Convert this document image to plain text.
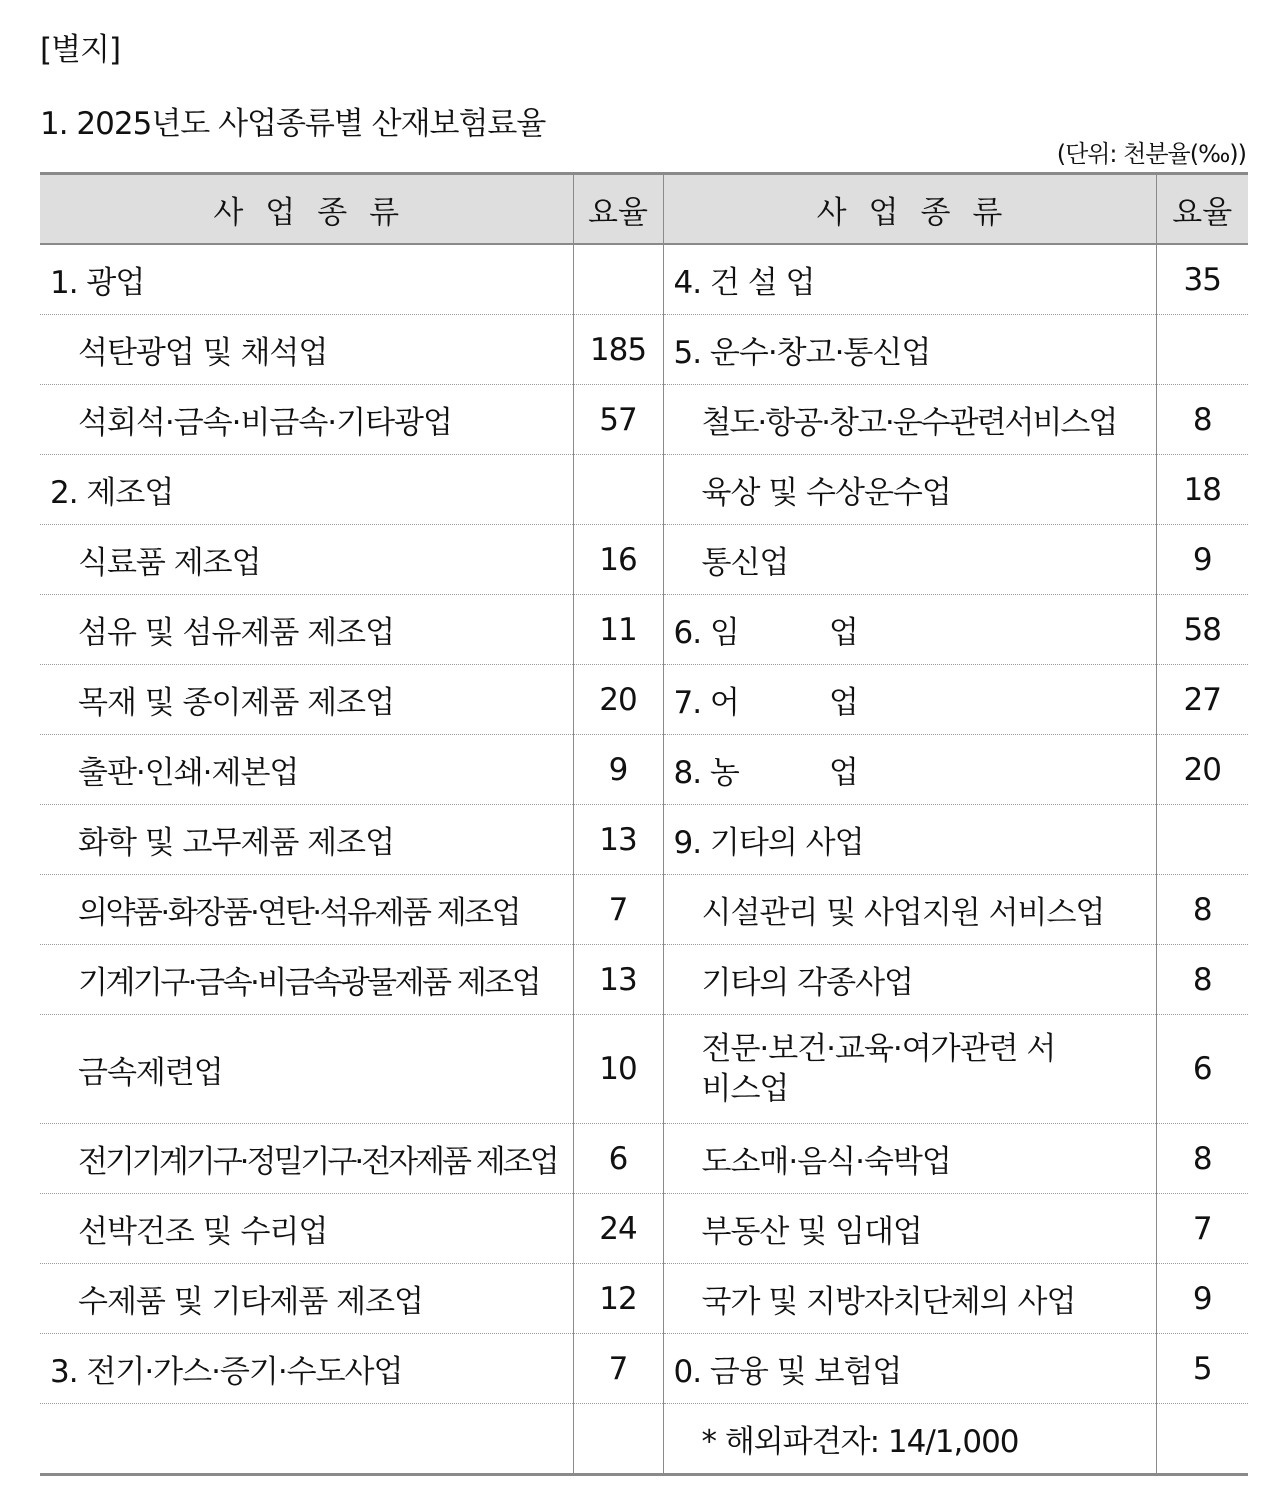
[별지]
1. 2025년도 사업종류별 산재보험료율
(단위: 천분율(‰))
사업종류	요율	사업종류	요율
1. 광업		4. 건 설 업	35
석탄광업 및 채석업	185	5. 운수·창고·통신업	
석회석·금속·비금속·기타광업	57	철도·항공·창고·운수관련서비스업	8
2. 제조업		육상 및 수상운수업	18
식료품 제조업	16	통신업	9
섬유 및 섬유제품 제조업	11	6. 임　　　업	58
목재 및 종이제품 제조업	20	7. 어　　　업	27
출판·인쇄·제본업	9	8. 농　　　업	20
화학 및 고무제품 제조업	13	9. 기타의 사업	
의약품·화장품·연탄·석유제품 제조업	7	시설관리 및 사업지원 서비스업	8
기계기구·금속·비금속광물제품 제조업	13	기타의 각종사업	8
금속제련업	10	전문·보건·교육·여가관련 서비스업	6
전기기계기구·정밀기구·전자제품 제조업	6	도소매·음식·숙박업	8
선박건조 및 수리업	24	부동산 및 임대업	7
수제품 및 기타제품 제조업	12	국가 및 지방자치단체의 사업	9
3. 전기·가스·증기·수도사업	7	0. 금융 및 보험업	5
		* 해외파견자: 14/1,000	
